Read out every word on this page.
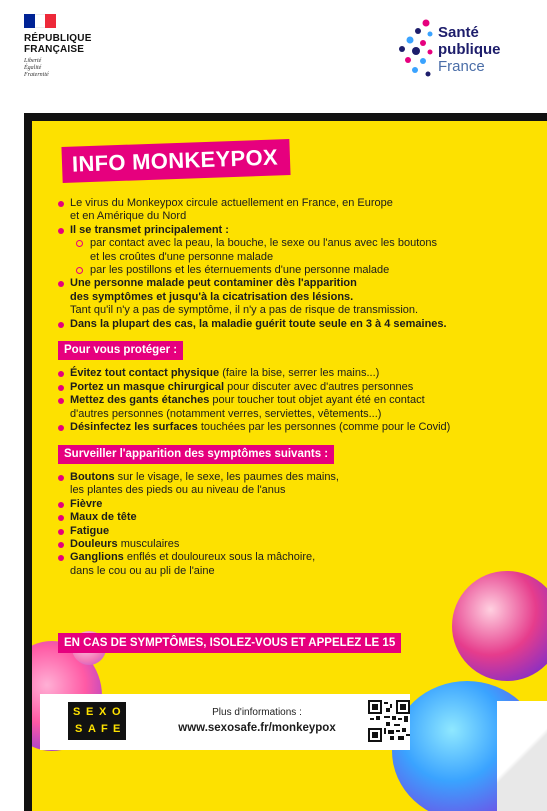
RÉPUBLIQUE
FRANÇAISE
Liberté
Égalité
Fraternité
Santé
publique
France
INFO MONKEYPOX
Le virus du Monkeypox circule actuellement en France, en Europe
et en Amérique du Nord
Il se transmet principalement :
par contact avec la peau, la bouche, le sexe ou l'anus avec les boutons
et les croûtes d'une personne malade
par les postillons et les éternuements d'une personne malade
Une personne malade peut contaminer dès l'apparition
des symptômes et jusqu'à la cicatrisation des lésions.
Tant qu'il n'y a pas de symptôme, il n'y a pas de risque de transmission.
Dans la plupart des cas, la maladie guérit toute seule en 3 à 4 semaines.
Pour vous protéger :
Évitez tout contact physique (faire la bise, serrer les mains...)
Portez un masque chirurgical pour discuter avec d'autres personnes
Mettez des gants étanches pour toucher tout objet ayant été en contact
d'autres personnes (notamment verres, serviettes, vêtements...)
Désinfectez les surfaces touchées par les personnes (comme pour le Covid)
Surveiller l'apparition des symptômes suivants :
Boutons sur le visage, le sexe, les paumes des mains,
les plantes des pieds ou au niveau de l'anus
Fièvre
Maux de tête
Fatigue
Douleurs musculaires
Ganglions enflés et douloureux sous la mâchoire,
dans le cou ou au pli de l'aine
EN CAS DE SYMPTÔMES, ISOLEZ-VOUS ET APPELEZ LE 15
S E X O
S A F E
Plus d'informations :
www.sexosafe.fr/monkeypox
